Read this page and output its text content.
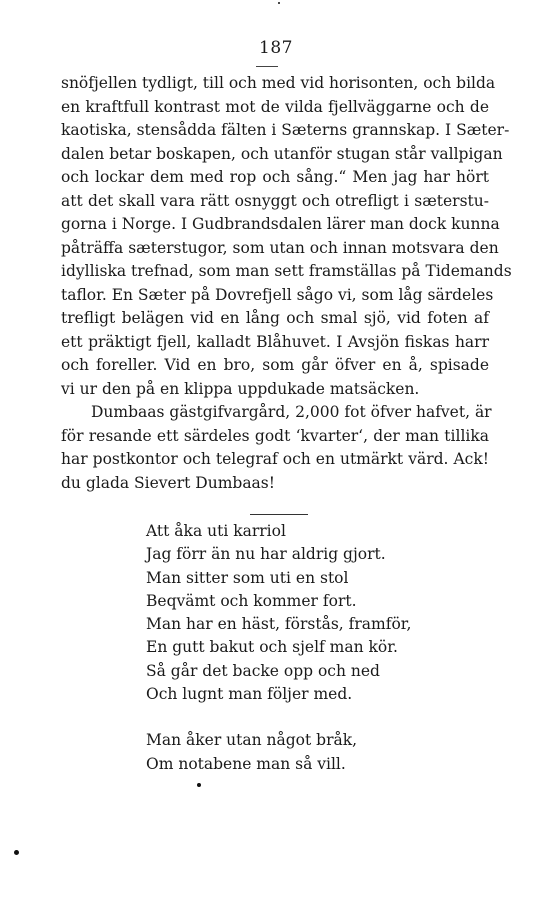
187
snöfjellen tydligt, till och med vid horisonten, och bilda
en kraftfull kontrast mot de vilda fjellväggarne och de
kaotiska, stensådda fälten i Sæterns grannskap. I Sæter-
dalen betar boskapen, och utanför stugan står vallpigan
och lockar dem med rop och sång.“ Men jag har hört
att det skall vara rätt osnyggt och otrefligt i sæterstu-
gorna i Norge. I Gudbrandsdalen lärer man dock kunna
påträffa sæterstugor, som utan och innan motsvara den
idylliska trefnad, som man sett framställas på Tidemands
taflor. En Sæter på Dovrefjell sågo vi, som låg särdeles
trefligt belägen vid en lång och smal sjö, vid foten af
ett präktigt fjell, kalladt Blåhuvet. I Avsjön fiskas harr
och foreller. Vid en bro, som går öfver en å, spisade
vi ur den på en klippa uppdukade matsäcken.
Dumbaas gästgifvargård, 2,000 fot öfver hafvet, är
för resande ett särdeles godt ‘kvarter‘, der man tillika
har postkontor och telegraf och en utmärkt värd. Ack!
du glada Sievert Dumbaas!
Att åka uti karriol
Jag förr än nu har aldrig gjort.
Man sitter som uti en stol
Beqvämt och kommer fort.
Man har en häst, förstås, framför,
En gutt bakut och sjelf man kör.
Så går det backe opp och ned
Och lugnt man följer med.
Man åker utan något bråk,
Om notabene man så vill.
